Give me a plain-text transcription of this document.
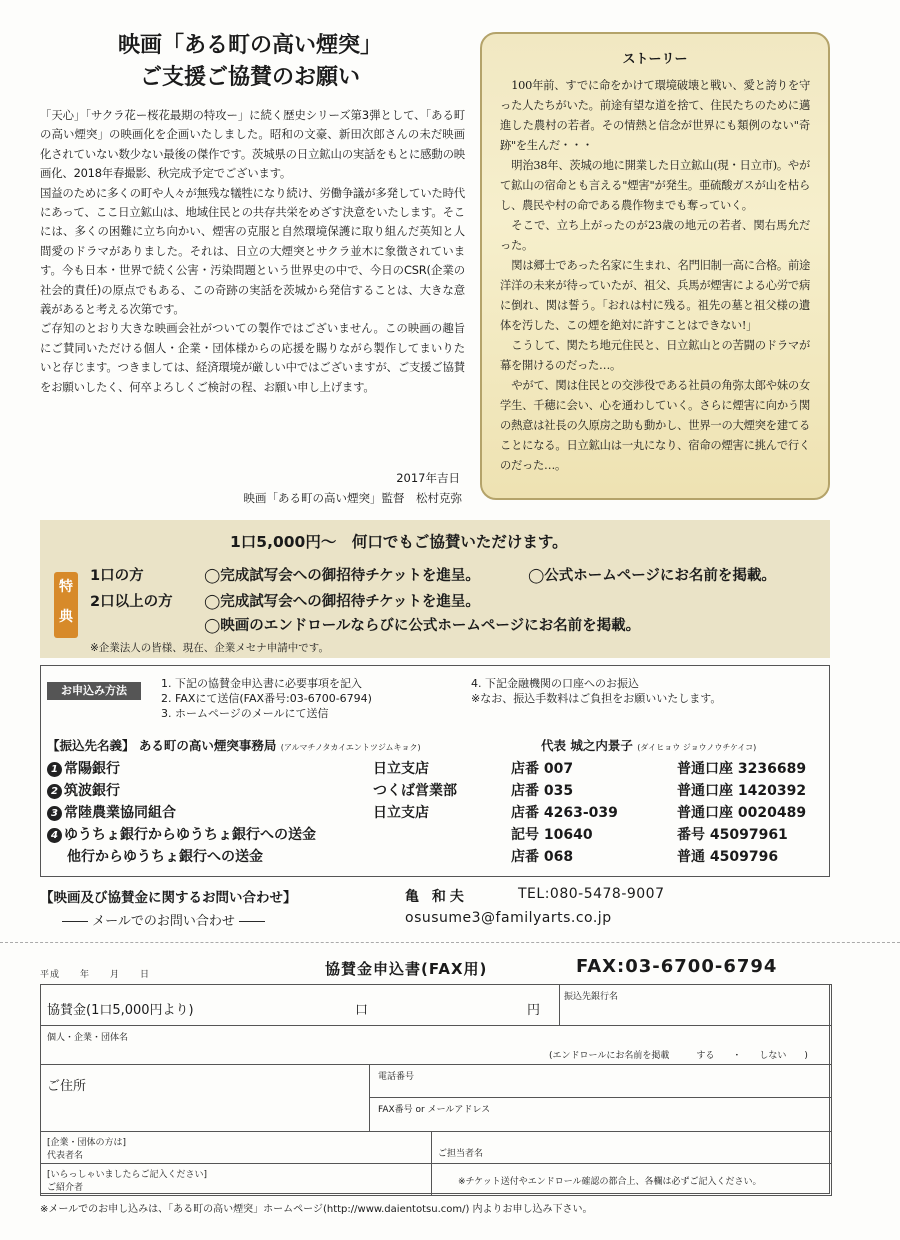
映画「ある町の高い煙突」
ご支援ご協賛のお願い

「天心」「サクラ花ー桜花最期の特攻ー」に続く歴史シリーズ第3弾として、「ある町の高い煙突」の映画化を企画いたしました。昭和の文豪、新田次郎さんの未だ映画化されていない数少ない最後の傑作です。茨城県の日立鉱山の実話をもとに感動の映画化、2018年春撮影、秋完成予定でございます。

国益のために多くの町や人々が無残な犠牲になり続け、労働争議が多発していた時代にあって、ここ日立鉱山は、地域住民との共存共栄をめざす決意をいたします。そこには、多くの困難に立ち向かい、煙害の克服と自然環境保護に取り組んだ英知と人間愛のドラマがありました。それは、日立の大煙突とサクラ並木に象徴されています。今も日本・世界で続く公害・汚染問題という世界史の中で、今日のCSR(企業の社会的責任)の原点でもある、この奇跡の実話を茨城から発信することは、大きな意義があると考える次第です。

ご存知のとおり大きな映画会社がついての製作ではございません。この映画の趣旨にご賛同いただける個人・企業・団体様からの応援を賜りながら製作してまいりたいと存じます。つきましては、経済環境が厳しい中ではございますが、ご支援ご協賛をお願いしたく、何卒よろしくご検討の程、お願い申し上げます。

2017年吉日
映画「ある町の高い煙突」監督　松村克弥
ストーリー

100年前、すでに命をかけて環境破壊と戦い、愛と誇りを守った人たちがいた。前途有望な道を捨て、住民たちのために邁進した農村の若者。その情熱と信念が世界にも類例のない"奇跡"を生んだ・・・

明治38年、茨城の地に開業した日立鉱山(現・日立市)。やがて鉱山の宿命とも言える"煙害"が発生。亜硫酸ガスが山を枯らし、農民や村の命である農作物までも奪っていく。

そこで、立ち上がったのが23歳の地元の若者、関右馬允だった。

関は郷士であった名家に生まれ、名門旧制一高に合格。前途洋洋の未来が待っていたが、祖父、兵馬が煙害による心労で病に倒れ、関は誓う。「おれは村に残る。祖先の墓と祖父様の遺体を汚した、この煙を絶対に許すことはできない!」

こうして、関たち地元住民と、日立鉱山との苦闘のドラマが幕を開けるのだった…。

やがて、関は住民との交渉役である社員の角弥太郎や妹の女学生、千穂に会い、心を通わしていく。さらに煙害に向かう関の熱意は社長の久原房之助も動かし、世界一の大煙突を建てることになる。日立鉱山は一丸になり、宿命の煙害に挑んで行くのだった…。

1口5,000円～　何口でもご協賛いただけます。
特
典
1口の方	◯完成試写会への御招待チケットを進呈。	◯公式ホームページにお名前を掲載。
2口以上の方 ◯完成試写会への御招待チケットを進呈。
◯映画のエンドロールならびに公式ホームページにお名前を掲載。
※企業法人の皆様、現在、企業メセナ申請中です。
お申込み方法
1. 下記の協賛金申込書に必要事項を記入
2. FAXにて送信(FAX番号:03-6700-6794)
3. ホームページのメールにて送信
4. 下記金融機関の口座へのお振込
※なお、振込手数料はご負担をお願いいたします。
【振込先名義】 ある町の高い煙突事務局 (アルマチノタカイエントツジムキョク)	代表 城之内景子 (ダイヒョウ ジョウノウチケイコ)
1 常陽銀行	日立支店	店番 007	普通口座 3236689
2 筑波銀行	つくば営業部	店番 035	普通口座 1420392
3 常陸農業協同組合	日立支店	店番 4263-039	普通口座 0020489
4 ゆうちょ銀行からゆうちょ銀行への送金	記号 10640	番号 45097961
他行からゆうちょ銀行への送金	店番 068	普通 4509796
【映画及び協賛金に関するお問い合わせ】	亀 和夫	TEL:080-5478-9007
―― メールでのお問い合わせ ――	osusume3@familyarts.co.jp
平成　　年　　月　　日	協賛金申込書(FAX用)	FAX:03-6700-6794
協賛金(1口5,000円より)	口	円
振込先銀行名
個人・企業・団体名
(エンドロールにお名前を掲載　　　する　　・　　しない　　)
ご住所
電話番号
FAX番号 or メールアドレス
[企業・団体の方は]
代表者名	ご担当者名
[いらっしゃいましたらご記入ください]
ご紹介者
※チケット送付やエンドロール確認の都合上、各欄は必ずご記入ください。
※メールでのお申し込みは、「ある町の高い煙突」ホームページ(http://www.daientotsu.com/) 内よりお申し込み下さい。
